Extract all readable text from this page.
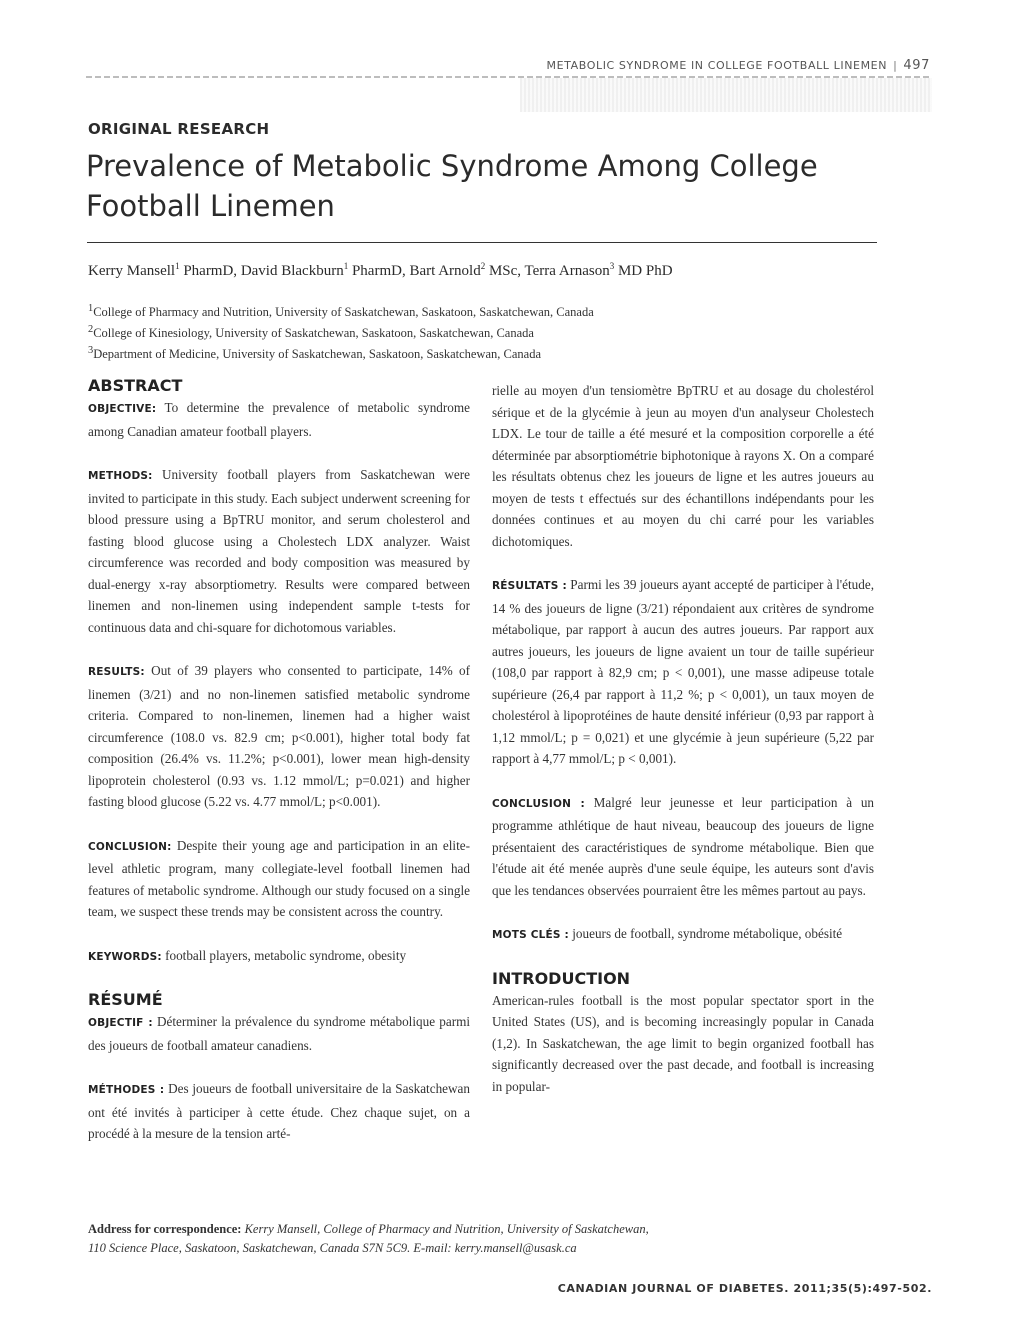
METABOLIC SYNDROME IN COLLEGE FOOTBALL LINEMEN | 497
ORIGINAL RESEARCH
Prevalence of Metabolic Syndrome Among College Football Linemen
Kerry Mansell$^1$ PharmD, David Blackburn$^1$ PharmD, Bart Arnold$^2$ MSc, Terra Arnason$^3$ MD PhD
$^1$College of Pharmacy and Nutrition, University of Saskatchewan, Saskatoon, Saskatchewan, Canada
$^2$College of Kinesiology, University of Saskatchewan, Saskatoon, Saskatchewan, Canada
$^3$Department of Medicine, University of Saskatchewan, Saskatoon, Saskatchewan, Canada
ABSTRACT

OBJECTIVE: To determine the prevalence of metabolic syndrome among Canadian amateur football players.

METHODS: University football players from Saskatchewan were invited to participate in this study. Each subject underwent screening for blood pressure using a BpTRU monitor, and serum cholesterol and fasting blood glucose using a Cholestech LDX analyzer. Waist circumference was recorded and body composition was measured by dual-energy x-ray absorptiometry. Results were compared between linemen and non-linemen using independent sample t-tests for continuous data and chi-square for dichotomous variables.

RESULTS: Out of 39 players who consented to participate, 14% of linemen (3/21) and no non-linemen satisfied metabolic syndrome criteria. Compared to non-linemen, linemen had a higher waist circumference (108.0 vs. 82.9 cm; p<0.001), higher total body fat composition (26.4% vs. 11.2%; p<0.001), lower mean high-density lipoprotein cholesterol (0.93 vs. 1.12 mmol/L; p=0.021) and higher fasting blood glucose (5.22 vs. 4.77 mmol/L; p<0.001).

CONCLUSION: Despite their young age and participation in an elite-level athletic program, many collegiate-level football linemen had features of metabolic syndrome. Although our study focused on a single team, we suspect these trends may be consistent across the country.

KEYWORDS: football players, metabolic syndrome, obesity

RÉSUMÉ

OBJECTIF : Déterminer la prévalence du syndrome métabolique parmi des joueurs de football amateur canadiens.

MÉTHODES : Des joueurs de football universitaire de la Saskatchewan ont été invités à participer à cette étude. Chez chaque sujet, on a procédé à la mesure de la tension arté-

rielle au moyen d'un tensiomètre BpTRU et au dosage du cholestérol sérique et de la glycémie à jeun au moyen d'un analyseur Cholestech LDX. Le tour de taille a été mesuré et la composition corporelle a été déterminée par absorptiométrie biphotonique à rayons X. On a comparé les résultats obtenus chez les joueurs de ligne et les autres joueurs au moyen de tests t effectués sur des échantillons indépendants pour les données continues et au moyen du chi carré pour les variables dichotomiques.

RÉSULTATS : Parmi les 39 joueurs ayant accepté de participer à l'étude, 14 % des joueurs de ligne (3/21) répondaient aux critères de syndrome métabolique, par rapport à aucun des autres joueurs. Par rapport aux autres joueurs, les joueurs de ligne avaient un tour de taille supérieur (108,0 par rapport à 82,9 cm; p < 0,001), une masse adipeuse totale supérieure (26,4 par rapport à 11,2 %; p < 0,001), un taux moyen de cholestérol à lipoprotéines de haute densité inférieur (0,93 par rapport à 1,12 mmol/L; p = 0,021) et une glycémie à jeun supérieure (5,22 par rapport à 4,77 mmol/L; p < 0,001).

CONCLUSION : Malgré leur jeunesse et leur participation à un programme athlétique de haut niveau, beaucoup des joueurs de ligne présentaient des caractéristiques de syndrome métabolique. Bien que l'étude ait été menée auprès d'une seule équipe, les auteurs sont d'avis que les tendances observées pourraient être les mêmes partout au pays.

MOTS CLÉS : joueurs de football, syndrome métabolique, obésité

INTRODUCTION

American-rules football is the most popular spectator sport in the United States (US), and is becoming increasingly popular in Canada (1,2). In Saskatchewan, the age limit to begin organized football has significantly decreased over the past decade, and football is increasing in popular-

Address for correspondence: Kerry Mansell, College of Pharmacy and Nutrition, University of Saskatchewan,
110 Science Place, Saskatoon, Saskatchewan, Canada S7N 5C9. E-mail: kerry.mansell@usask.ca
CANADIAN JOURNAL OF DIABETES. 2011;35(5):497-502.
